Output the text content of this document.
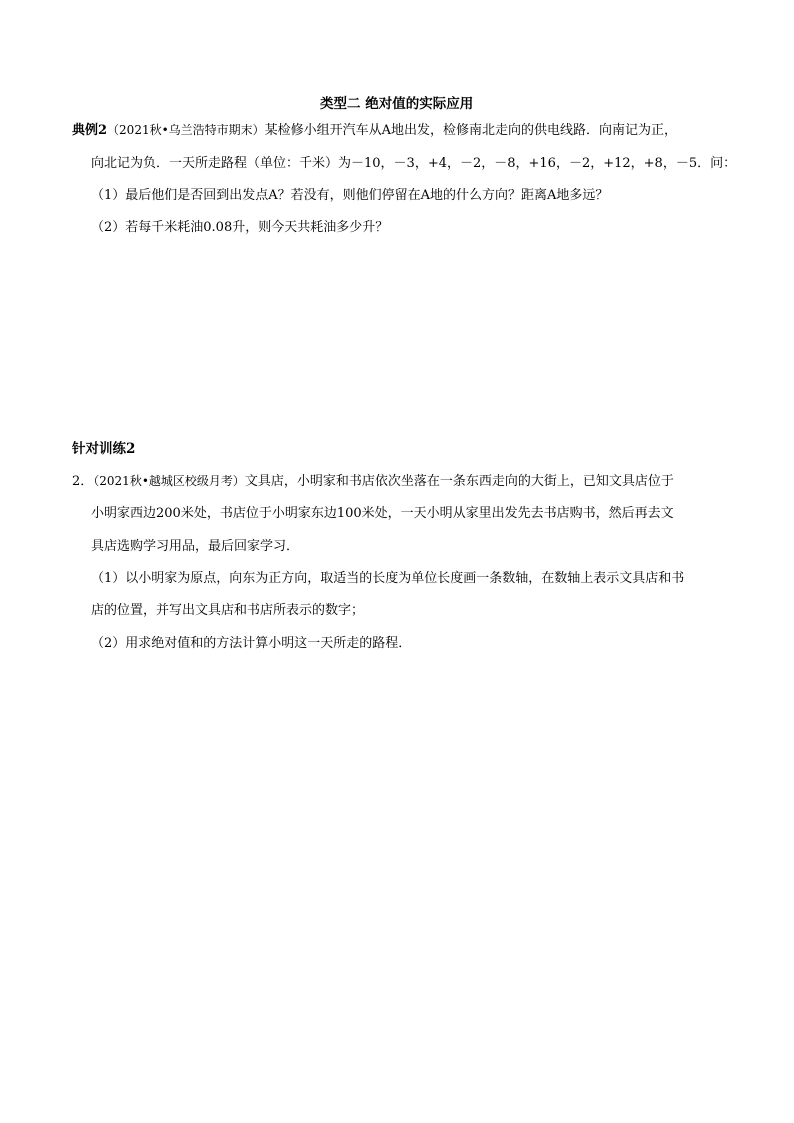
类型二 绝对值的实际应用
典例2（2021秋•乌兰浩特市期末）某检修小组开汽车从A地出发，检修南北走向的供电线路．向南记为正，
向北记为负．一天所走路程（单位：千米）为－10，－3，+4，－2，－8，+16，－2，+12，+8，－5．问：
（1）最后他们是否回到出发点A？若没有，则他们停留在A地的什么方向？距离A地多远？
（2）若每千米耗油0.08升，则今天共耗油多少升？
针对训练2
2．（2021秋•越城区校级月考）文具店，小明家和书店依次坐落在一条东西走向的大街上，已知文具店位于
小明家西边200米处，书店位于小明家东边100米处，一天小明从家里出发先去书店购书，然后再去文
具店选购学习用品，最后回家学习．
（1）以小明家为原点，向东为正方向，取适当的长度为单位长度画一条数轴，在数轴上表示文具店和书
店的位置，并写出文具店和书店所表示的数字；
（2）用求绝对值和的方法计算小明这一天所走的路程．
